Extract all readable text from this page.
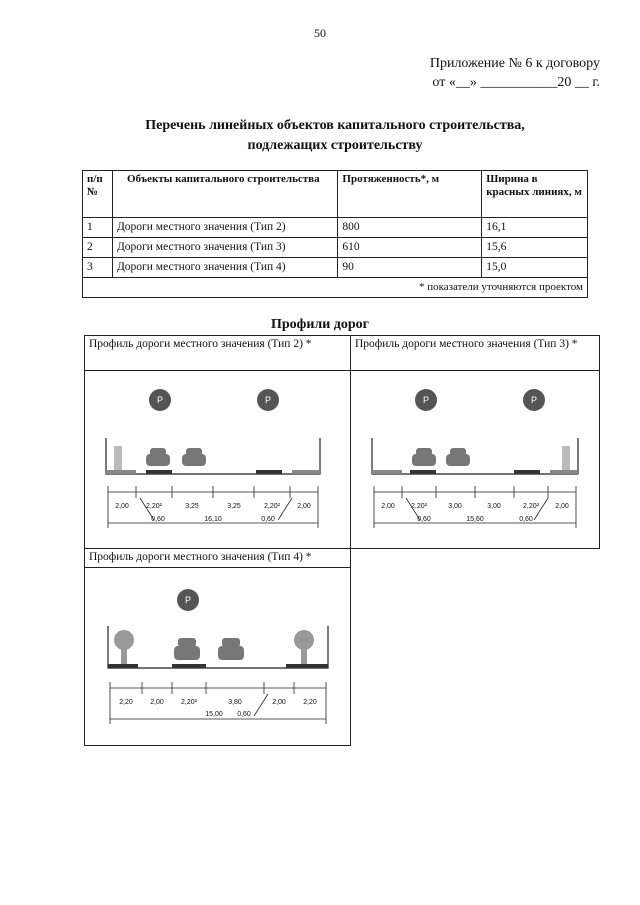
50
Приложение № 6 к договору
от «__» ___________20 __ г.
Перечень линейных объектов капитального строительства,
подлежащих строительству
п/п №	Объекты капитального строительства	Протяженность*, м	Ширина в красных линиях, м
1	Дороги местного значения (Тип 2)	800	16,1
2	Дороги местного значения (Тип 3)	610	15,6
3	Дороги местного значения (Тип 4)	90	15,0
* показатели уточняются проектом			
Профили дорог
Профиль дороги местного значения (Тип 2) *	Профиль дороги местного значения (Тип 3) *
Профиль дороги местного значения (Тип 4) *
P	P
2,00 2,20²	3,25	3,25	2,20² 2,00
0,60	0,60
16,10
P	P
2,00 2,20²	3,00	3,00	2,20² 2,00
0,60	0,60
15,60
P
2,20 2,00 2,20²	3,80	2,00 2,20
0,60
15,00
